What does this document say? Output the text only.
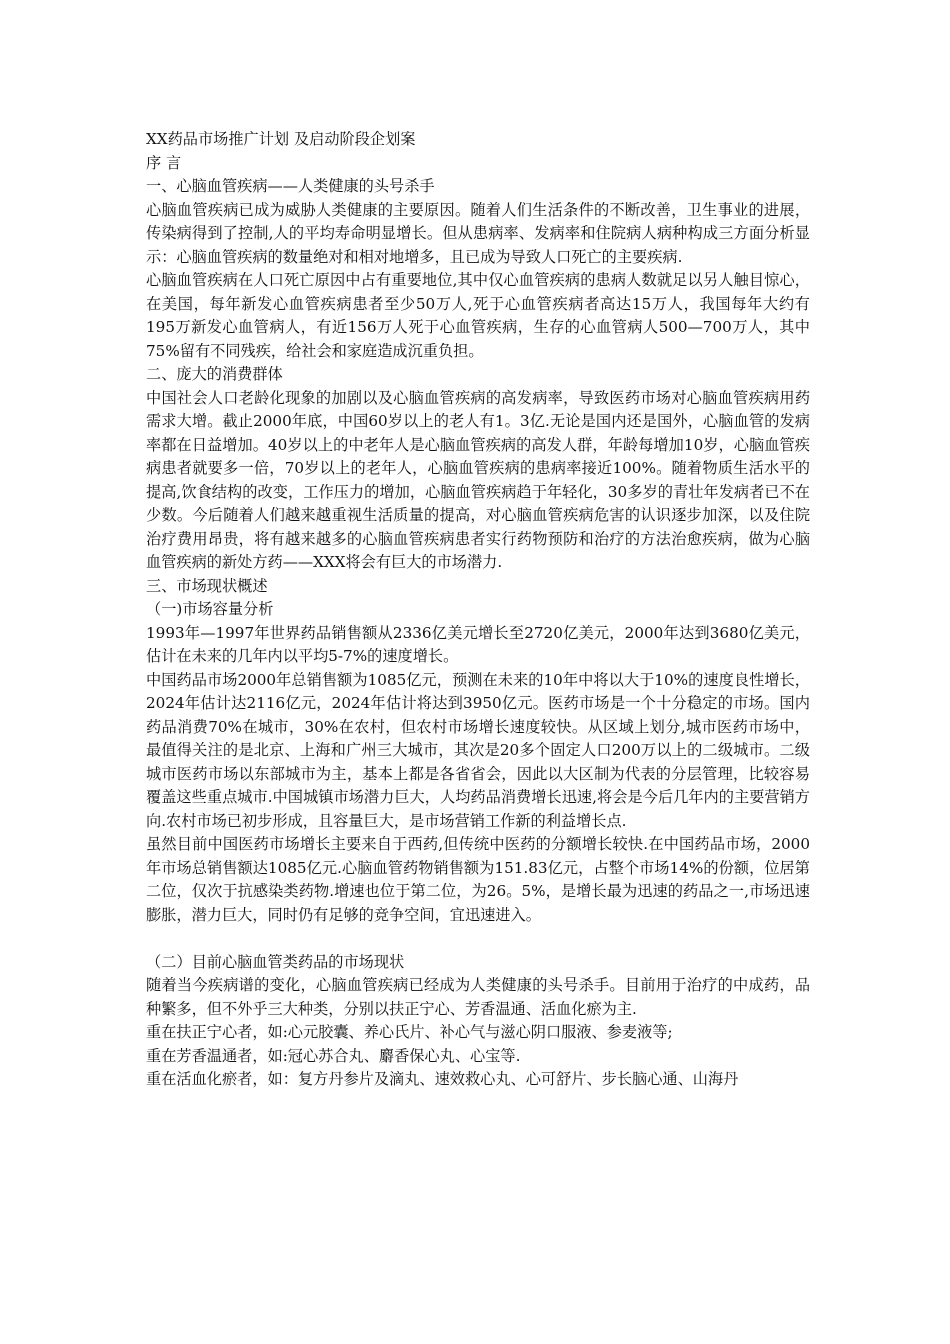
XX药品市场推广计划 及启动阶段企划案

序 言

一、心脑血管疾病——人类健康的头号杀手

心脑血管疾病已成为威胁人类健康的主要原因。随着人们生活条件的不断改善，卫生事业的进展，传染病得到了控制,人的平均寿命明显增长。但从患病率、发病率和住院病人病种构成三方面分析显示：心脑血管疾病的数量绝对和相对地增多，且已成为导致人口死亡的主要疾病.

心脑血管疾病在人口死亡原因中占有重要地位,其中仅心血管疾病的患病人数就足以另人触目惊心，在美国，每年新发心血管疾病患者至少50万人,死于心血管疾病者高达15万人，我国每年大约有195万新发心血管病人，有近156万人死于心血管疾病，生存的心血管病人500—700万人，其中75%留有不同残疾，给社会和家庭造成沉重负担。

二、庞大的消费群体

中国社会人口老龄化现象的加剧以及心脑血管疾病的高发病率，导致医药市场对心脑血管疾病用药需求大增。截止2000年底，中国60岁以上的老人有1。3亿.无论是国内还是国外，心脑血管的发病率都在日益增加。40岁以上的中老年人是心脑血管疾病的高发人群，年龄每增加10岁，心脑血管疾病患者就要多一倍，70岁以上的老年人，心脑血管疾病的患病率接近100%。随着物质生活水平的提高,饮食结构的改变，工作压力的增加，心脑血管疾病趋于年轻化，30多岁的青壮年发病者已不在少数。今后随着人们越来越重视生活质量的提高，对心脑血管疾病危害的认识逐步加深，以及住院治疗费用昂贵，将有越来越多的心脑血管疾病患者实行药物预防和治疗的方法治愈疾病，做为心脑血管疾病的新处方药——XXX将会有巨大的市场潜力.

三、市场现状概述

（一)市场容量分析

1993年—1997年世界药品销售额从2336亿美元增长至2720亿美元，2000年达到3680亿美元，估计在未来的几年内以平均5-7%的速度增长。

中国药品市场2000年总销售额为1085亿元，预测在未来的10年中将以大于10%的速度良性增长，2024年估计达2116亿元，2024年估计将达到3950亿元。医药市场是一个十分稳定的市场。国内药品消费70%在城市，30%在农村，但农村市场增长速度较快。从区域上划分,城市医药市场中，最值得关注的是北京、上海和广州三大城市，其次是20多个固定人口200万以上的二级城市。二级城市医药市场以东部城市为主，基本上都是各省省会，因此以大区制为代表的分层管理，比较容易覆盖这些重点城市.中国城镇市场潜力巨大，人均药品消费增长迅速,将会是今后几年内的主要营销方向.农村市场已初步形成，且容量巨大，是市场营销工作新的利益增长点.

虽然目前中国医药市场增长主要来自于西药,但传统中医药的分额增长较快.在中国药品市场，2000年市场总销售额达1085亿元.心脑血管药物销售额为151.83亿元，占整个市场14%的份额，位居第二位，仅次于抗感染类药物.增速也位于第二位，为26。5%，是增长最为迅速的药品之一,市场迅速膨胀，潜力巨大，同时仍有足够的竞争空间，宜迅速进入。

（二）目前心脑血管类药品的市场现状

随着当今疾病谱的变化，心脑血管疾病已经成为人类健康的头号杀手。目前用于治疗的中成药，品种繁多，但不外乎三大种类，分别以扶正宁心、芳香温通、活血化瘀为主.

重在扶正宁心者，如:心元胶囊、养心氏片、补心气与滋心阴口服液、参麦液等;

重在芳香温通者，如:冠心苏合丸、麝香保心丸、心宝等.

重在活血化瘀者，如：复方丹参片及滴丸、速效救心丸、心可舒片、步长脑心通、山海丹
